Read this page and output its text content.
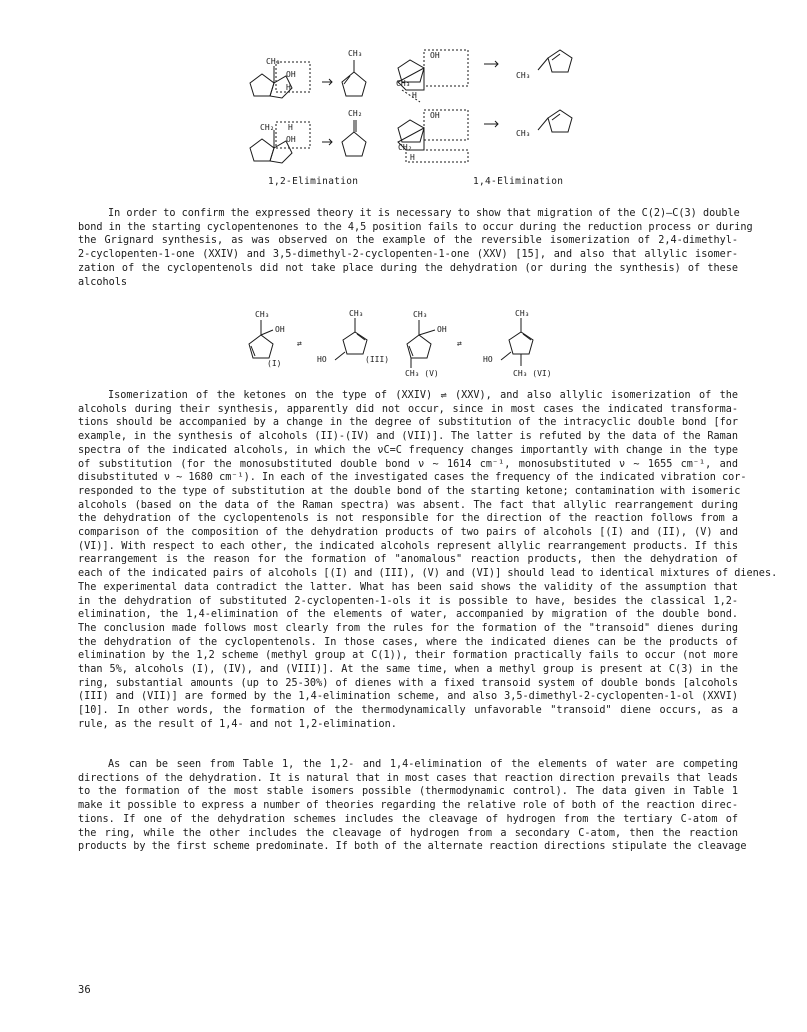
CH₃
OH
H
CH₃	OH
CH₃
H
CH₃
CH₂ H
OH
CH₂	OH
CH₂
H
CH₃
1,2-Elimination	1,4-Elimination
In order to confirm the expressed theory it is necessary to show that migration of the C(2)–C(3) double
bond in the starting cyclopentenones to the 4,5 position fails to occur during the reduction process or during
the Grignard synthesis, as was observed on the example of the reversible isomerization of 2,4-dimethyl-
2-cyclopenten-1-one (XXIV) and 3,5-dimethyl-2-cyclopenten-1-one (XXV) [15], and also that allylic isomer-
zation of the cyclopentenols did not take place during the dehydration (or during the synthesis) of these
alcohols
CH₃
OH
(I)
⇄
CH₃
HO	(III)
CH₃
OH
CH₃ (V)
⇄
CH₃
HO
CH₃ (VI)
Isomerization of the ketones on the type of (XXIV) ⇌ (XXV), and also allylic isomerization of the
alcohols during their synthesis, apparently did not occur, since in most cases the indicated transforma-
tions should be accompanied by a change in the degree of substitution of the intracyclic double bond [for
example, in the synthesis of alcohols (II)-(IV) and (VII)]. The latter is refuted by the data of the Raman
spectra of the indicated alcohols, in which the νC=C frequency changes importantly with change in the type
of substitution (for the monosubstituted double bond ν ~ 1614 cm⁻¹, monosubstituted ν ~ 1655 cm⁻¹, and
disubstituted ν ~ 1680 cm⁻¹). In each of the investigated cases the frequency of the indicated vibration cor-
responded to the type of substitution at the double bond of the starting ketone; contamination with isomeric
alcohols (based on the data of the Raman spectra) was absent. The fact that allylic rearrangement during
the dehydration of the cyclopentenols is not responsible for the direction of the reaction follows from a
comparison of the composition of the dehydration products of two pairs of alcohols [(I) and (II), (V) and
(VI)]. With respect to each other, the indicated alcohols represent allylic rearrangement products. If this
rearrangement is the reason for the formation of "anomalous" reaction products, then the dehydration of
each of the indicated pairs of alcohols [(I) and (III), (V) and (VI)] should lead to identical mixtures of dienes.
The experimental data contradict the latter. What has been said shows the validity of the assumption that
in the dehydration of substituted 2-cyclopenten-1-ols it is possible to have, besides the classical 1,2-
elimination, the 1,4-elimination of the elements of water, accompanied by migration of the double bond.
The conclusion made follows most clearly from the rules for the formation of the "transoid" dienes during
the dehydration of the cyclopentenols. In those cases, where the indicated dienes can be the products of
elimination by the 1,2 scheme (methyl group at C(1)), their formation practically fails to occur (not more
than 5%, alcohols (I), (IV), and (VIII)]. At the same time, when a methyl group is present at C(3) in the
ring, substantial amounts (up to 25-30%) of dienes with a fixed transoid system of double bonds [alcohols
(III) and (VII)] are formed by the 1,4-elimination scheme, and also 3,5-dimethyl-2-cyclopenten-1-ol (XXVI)
[10]. In other words, the formation of the thermodynamically unfavorable "transoid" diene occurs, as a
rule, as the result of 1,4- and not 1,2-elimination.
As can be seen from Table 1, the 1,2- and 1,4-elimination of the elements of water are competing
directions of the dehydration. It is natural that in most cases that reaction direction prevails that leads
to the formation of the most stable isomers possible (thermodynamic control). The data given in Table 1
make it possible to express a number of theories regarding the relative role of both of the reaction direc-
tions. If one of the dehydration schemes includes the cleavage of hydrogen from the tertiary C-atom of
the ring, while the other includes the cleavage of hydrogen from a secondary C-atom, then the reaction
products by the first scheme predominate. If both of the alternate reaction directions stipulate the cleavage
36
